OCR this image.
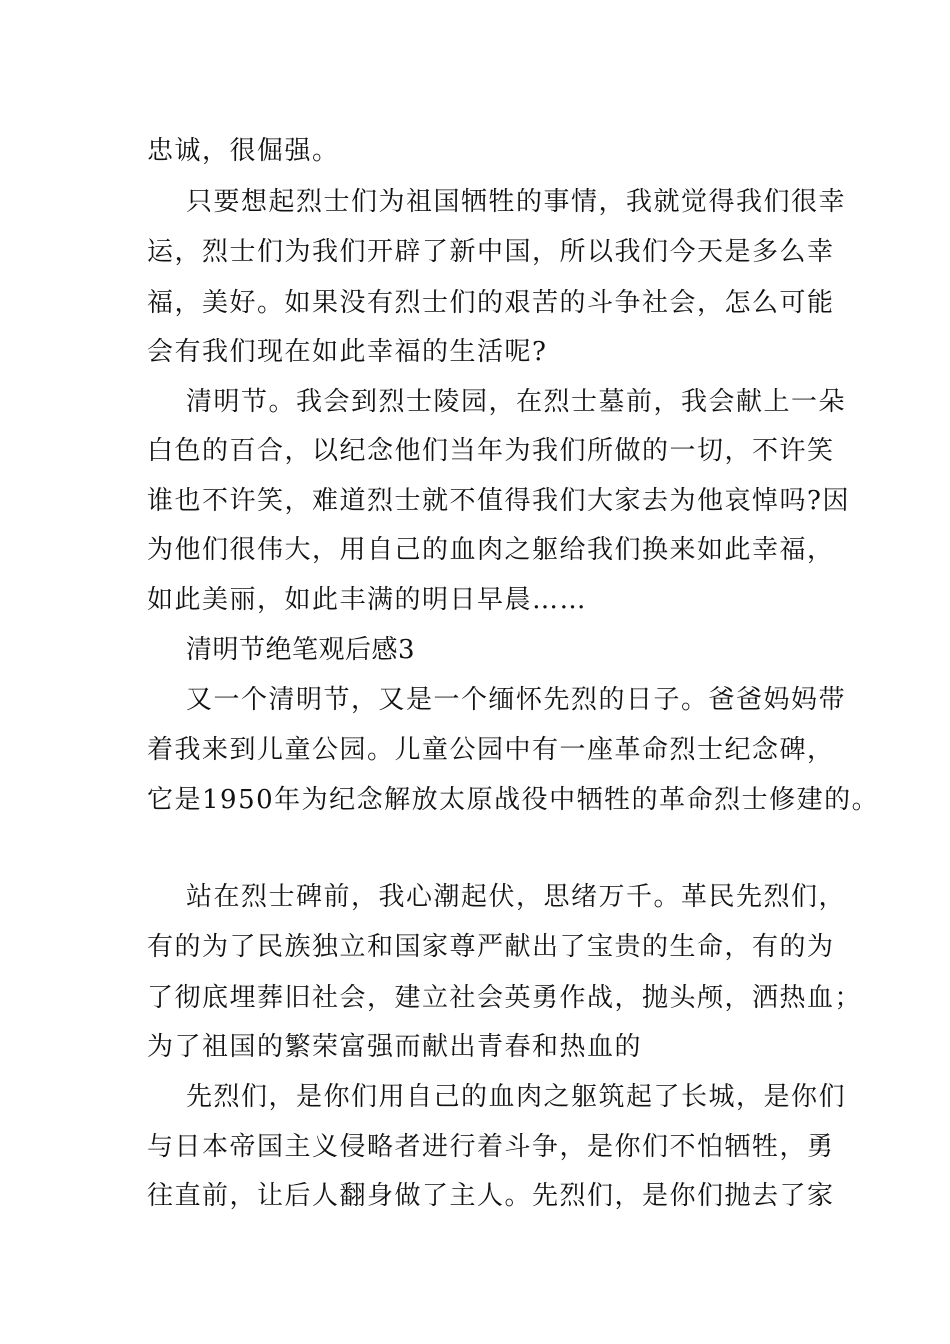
忠诚，很倔强。
只要想起烈士们为祖国牺牲的事情，我就觉得我们很幸
运，烈士们为我们开辟了新中国，所以我们今天是多么幸
福，美好。如果没有烈士们的艰苦的斗争社会，怎么可能
会有我们现在如此幸福的生活呢?
清明节。我会到烈士陵园，在烈士墓前，我会献上一朵
白色的百合，以纪念他们当年为我们所做的一切，不许笑
谁也不许笑，难道烈士就不值得我们大家去为他哀悼吗?因
为他们很伟大，用自己的血肉之躯给我们换来如此幸福，
如此美丽，如此丰满的明日早晨……
清明节绝笔观后感3
又一个清明节，又是一个缅怀先烈的日子。爸爸妈妈带
着我来到儿童公园。儿童公园中有一座革命烈士纪念碑，
它是1950年为纪念解放太原战役中牺牲的革命烈士修建的。
站在烈士碑前，我心潮起伏，思绪万千。革民先烈们，
有的为了民族独立和国家尊严献出了宝贵的生命，有的为
了彻底埋葬旧社会，建立社会英勇作战，抛头颅，洒热血；
为了祖国的繁荣富强而献出青春和热血的
先烈们，是你们用自己的血肉之躯筑起了长城，是你们
与日本帝国主义侵略者进行着斗争，是你们不怕牺牲，勇
往直前，让后人翻身做了主人。先烈们，是你们抛去了家
